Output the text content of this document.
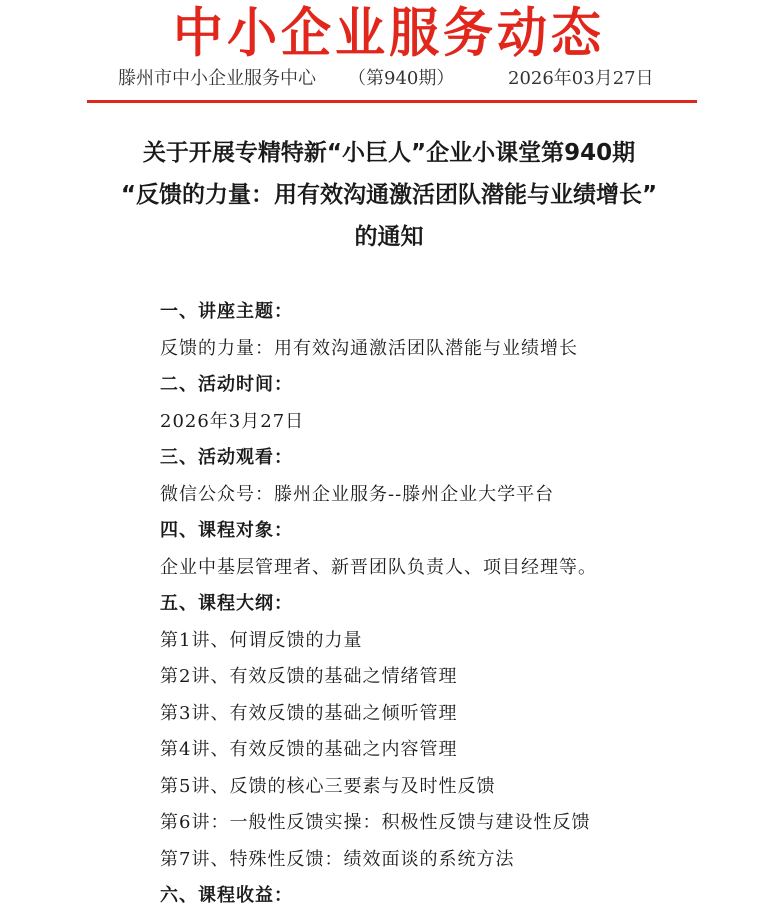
中小企业服务动态
滕州市中小企业服务中心 （第940期）	2026年03月27日
关于开展专精特新“小巨人”企业小课堂第940期
“反馈的力量：用有效沟通激活团队潜能与业绩增长”
的通知
一、讲座主题：
反馈的力量：用有效沟通激活团队潜能与业绩增长
二、活动时间：
2026年3月27日
三、活动观看：
微信公众号：滕州企业服务--滕州企业大学平台
四、课程对象：
企业中基层管理者、新晋团队负责人、项目经理等。
五、课程大纲：
第1讲、何谓反馈的力量
第2讲、有效反馈的基础之情绪管理
第3讲、有效反馈的基础之倾听管理
第4讲、有效反馈的基础之内容管理
第5讲、反馈的核心三要素与及时性反馈
第6讲：一般性反馈实操：积极性反馈与建设性反馈
第7讲、特殊性反馈：绩效面谈的系统方法
六、课程收益：
